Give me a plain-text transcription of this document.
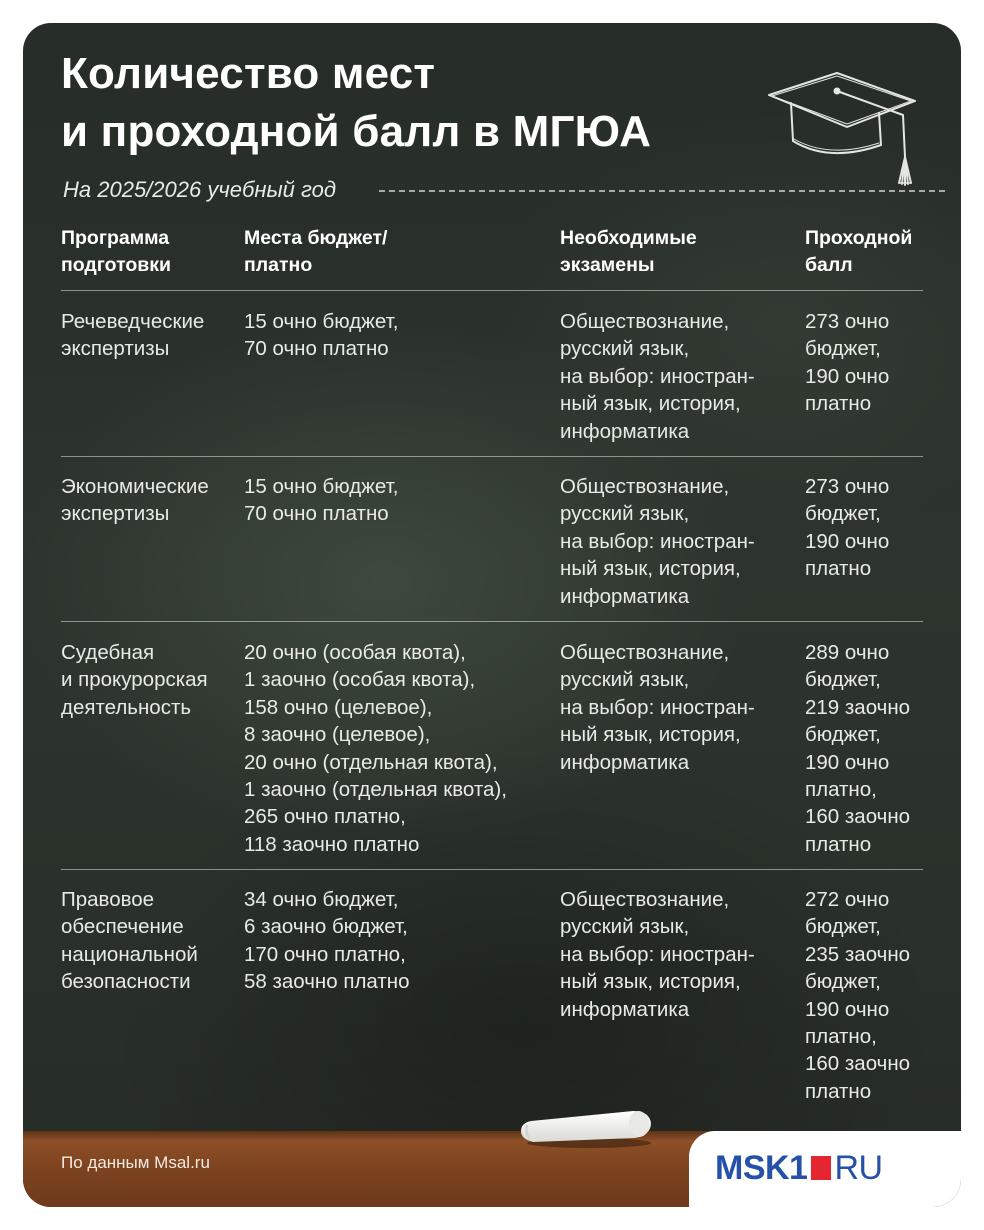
Количество мест
и проходной балл в МГЮА
На 2025/2026 учебный год
Программа
подготовки
Места бюджет/
платно
Необходимые
экзамены
Проходной
балл
Речеведческие
экспертизы
15 очно бюджет,
70 очно платно
Обществознание,
русский язык,
на выбор: иностран-
ный язык, история,
информатика
273 очно
бюджет,
190 очно
платно
Экономические
экспертизы
15 очно бюджет,
70 очно платно
Обществознание,
русский язык,
на выбор: иностран-
ный язык, история,
информатика
273 очно
бюджет,
190 очно
платно
Судебная
и прокурорская
деятельность
20 очно (особая квота),
1 заочно (особая квота),
158 очно (целевое),
8 заочно (целевое),
20 очно (отдельная квота),
1 заочно (отдельная квота),
265 очно платно,
118 заочно платно
Обществознание,
русский язык,
на выбор: иностран-
ный язык, история,
информатика
289 очно
бюджет,
219 заочно
бюджет,
190 очно
платно,
160 заочно
платно
Правовое
обеспечение
национальной
безопасности
34 очно бюджет,
6 заочно бюджет,
170 очно платно,
58 заочно платно
Обществознание,
русский язык,
на выбор: иностран-
ный язык, история,
информатика
272 очно
бюджет,
235 заочно
бюджет,
190 очно
платно,
160 заочно
платно
По данным Msal.ru	MSK1 RU
